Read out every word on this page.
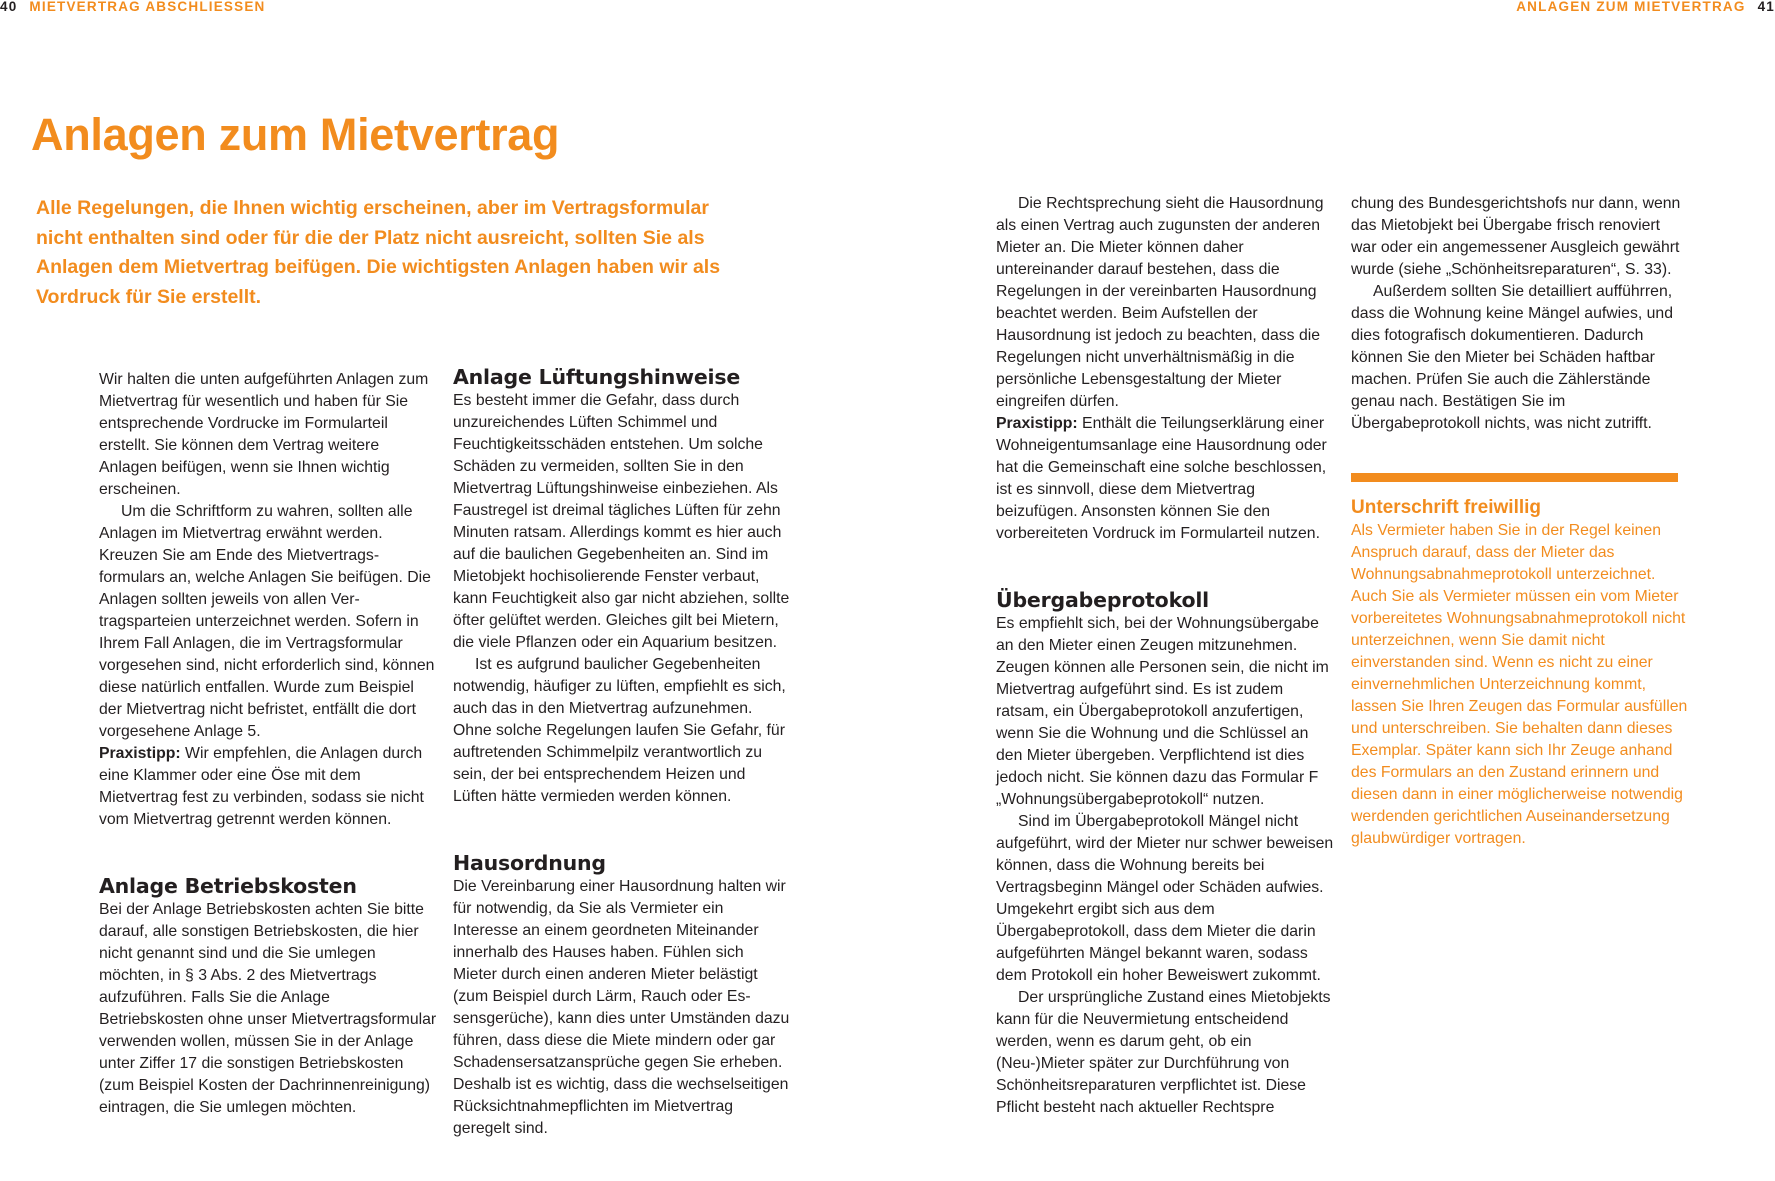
40 MIETVERTRAG ABSCHLIESSEN	ANLAGEN ZUM MIETVERTRAG 41
Anlagen zum Mietvertrag

Alle Regelungen, die Ihnen wichtig erscheinen, aber im Vertragsformular nicht enthalten sind oder für die der Platz nicht ausreicht, sollten Sie als Anlagen dem Mietvertrag beifügen. Die wichtigsten Anlagen haben wir als Vordruck für Sie erstellt.

Wir halten die unten aufgeführten Anlagen zum Mietvertrag für wesentlich und haben für Sie entsprechende Vordrucke im Formularteil erstellt. Sie können dem Vertrag weitere Anlagen beifügen, wenn sie Ihnen wichtig erscheinen.

Um die Schriftform zu wahren, sollten alle Anlagen im Mietvertrag erwähnt werden. Kreuzen Sie am Ende des Mietvertragsformulars an, welche Anlagen Sie beifügen. Die Anlagen sollten jeweils von allen Vertragsparteien unterzeichnet werden. Sofern in Ihrem Fall Anlagen, die im Vertragsformular vorgesehen sind, nicht erforderlich sind, können diese natürlich entfallen. Wurde zum Beispiel der Mietvertrag nicht befristet, entfällt die dort vorgesehene Anlage 5.

Praxistipp: Wir empfehlen, die Anlagen durch eine Klammer oder eine Öse mit dem Mietvertrag fest zu verbinden, sodass sie nicht vom Mietvertrag getrennt werden können.

Anlage Betriebskosten

Bei der Anlage Betriebskosten achten Sie bitte darauf, alle sonstigen Betriebskosten, die hier nicht genannt sind und die Sie umlegen möchten, in § 3 Abs. 2 des Mietvertrags aufzuführen. Falls Sie die Anlage Betriebskosten ohne unser Mietvertragsformular verwenden wollen, müssen Sie in der Anlage unter Ziffer 17 die sonstigen Betriebskosten (zum Beispiel Kosten der Dachrinnenreinigung) eintragen, die Sie umlegen möchten.

Anlage Lüftungshinweise

Es besteht immer die Gefahr, dass durch unzureichendes Lüften Schimmel und Feuchtigkeitsschäden entstehen. Um solche Schäden zu vermeiden, sollten Sie in den Mietvertrag Lüftungshinweise einbeziehen. Als Faustregel ist dreimal tägliches Lüften für zehn Minuten ratsam. Allerdings kommt es hier auch auf die baulichen Gegebenheiten an. Sind im Mietobjekt hochisolierende Fenster verbaut, kann Feuchtigkeit also gar nicht abziehen, sollte öfter gelüftet werden. Gleiches gilt bei Mietern, die viele Pflanzen oder ein Aquarium besitzen.

Ist es aufgrund baulicher Gegebenheiten notwendig, häufiger zu lüften, empfiehlt es sich, auch das in den Mietvertrag aufzunehmen. Ohne solche Regelungen laufen Sie Gefahr, für auftretenden Schimmelpilz verantwortlich zu sein, der bei entsprechendem Heizen und Lüften hätte vermieden werden können.

Hausordnung

Die Vereinbarung einer Hausordnung halten wir für notwendig, da Sie als Vermieter ein Interesse an einem geordneten Miteinander innerhalb des Hauses haben. Fühlen sich Mieter durch einen anderen Mieter belästigt (zum Beispiel durch Lärm, Rauch oder Essensgerüche), kann dies unter Umständen dazu führen, dass diese die Miete mindern oder gar Schadensersatzansprüche gegen Sie erheben. Deshalb ist es wichtig, dass die wechselseitigen Rücksichtnahmepflichten im Mietvertrag geregelt sind.

Die Rechtsprechung sieht die Hausordnung als einen Vertrag auch zugunsten der anderen Mieter an. Die Mieter können daher untereinander darauf bestehen, dass die Regelungen in der vereinbarten Hausordnung beachtet werden. Beim Aufstellen der Hausordnung ist jedoch zu beachten, dass die Regelungen nicht unverhältnismäßig in die persönliche Lebensgestaltung der Mieter eingreifen dürfen.

Praxistipp: Enthält die Teilungserklärung einer Wohneigentumsanlage eine Hausordnung oder hat die Gemeinschaft eine solche beschlossen, ist es sinnvoll, diese dem Mietvertrag beizufügen. Ansonsten können Sie den vorbereiteten Vordruck im Formularteil nutzen.

Übergabeprotokoll

Es empfiehlt sich, bei der Wohnungsübergabe an den Mieter einen Zeugen mitzunehmen. Zeugen können alle Personen sein, die nicht im Mietvertrag aufgeführt sind. Es ist zudem ratsam, ein Übergabeprotokoll anzufertigen, wenn Sie die Wohnung und die Schlüssel an den Mieter übergeben. Verpflichtend ist dies jedoch nicht. Sie können dazu das Formular F „Wohnungsübergabeprotokoll“ nutzen.

Sind im Übergabeprotokoll Mängel nicht aufgeführt, wird der Mieter nur schwer beweisen können, dass die Wohnung bereits bei Vertragsbeginn Mängel oder Schäden aufwies. Umgekehrt ergibt sich aus dem Übergabeprotokoll, dass dem Mieter die darin aufgeführten Mängel bekannt waren, sodass dem Protokoll ein hoher Beweiswert zukommt.

Der ursprüngliche Zustand eines Mietobjekts kann für die Neuvermietung entscheidend werden, wenn es darum geht, ob ein (Neu-)Mieter später zur Durchführung von Schönheitsreparaturen verpflichtet ist. Diese Pflicht besteht nach aktueller Rechtspre

chung des Bundesgerichtshofs nur dann, wenn das Mietobjekt bei Übergabe frisch renoviert war oder ein angemessener Ausgleich gewährt wurde (siehe „Schönheitsreparaturen“, S. 33).

Außerdem sollten Sie detailliert aufführren, dass die Wohnung keine Mängel aufwies, und dies fotografisch dokumentieren. Dadurch können Sie den Mieter bei Schäden haftbar machen. Prüfen Sie auch die Zählerstände genau nach. Bestätigen Sie im Übergabeprotokoll nichts, was nicht zutrifft.

Unterschrift freiwillig

Als Vermieter haben Sie in der Regel keinen Anspruch darauf, dass der Mieter das Wohnungsabnahmeprotokoll unterzeichnet. Auch Sie als Vermieter müssen ein vom Mieter vorbereitetes Wohnungsabnahmeprotokoll nicht unterzeichnen, wenn Sie damit nicht einverstanden sind. Wenn es nicht zu einer einvernehmlichen Unterzeichnung kommt, lassen Sie Ihren Zeugen das Formular ausfüllen und unterschreiben. Sie behalten dann dieses Exemplar. Später kann sich Ihr Zeuge anhand des Formulars an den Zustand erinnern und diesen dann in einer möglicherweise notwendig werdenden gerichtlichen Auseinandersetzung glaubwürdiger vortragen.
